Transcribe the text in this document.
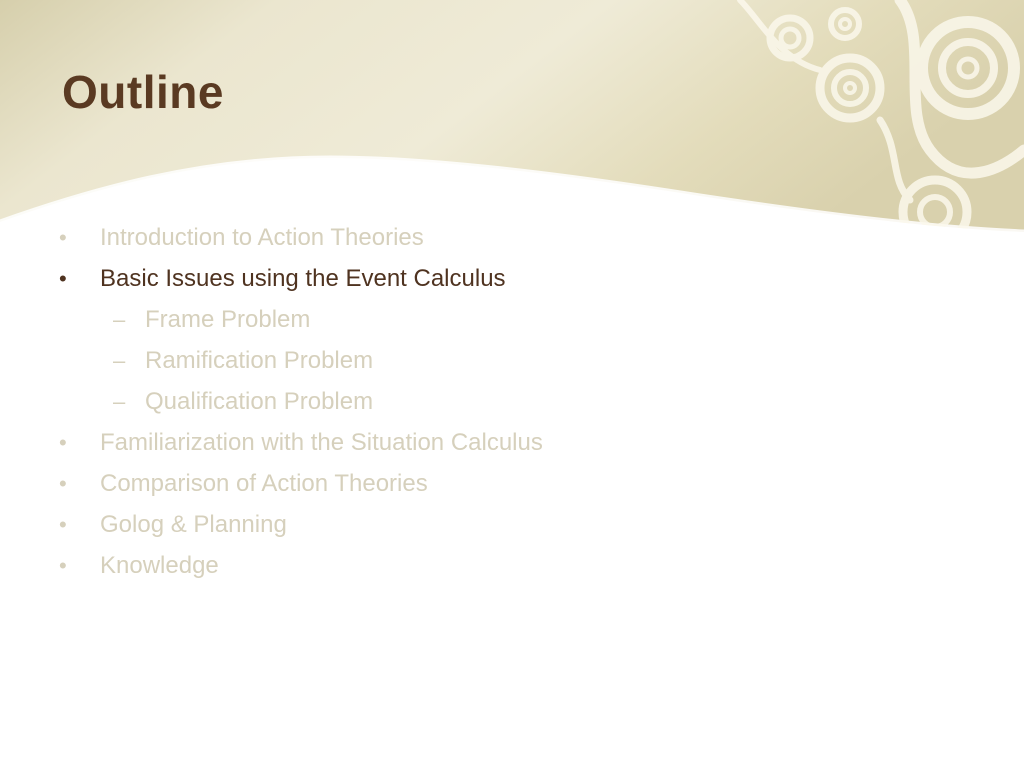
Outline
• Introduction to Action Theories
• Basic Issues using the Event Calculus
– Frame Problem
– Ramification Problem
– Qualification Problem
• Familiarization with the Situation Calculus
• Comparison of Action Theories
• Golog & Planning
• Knowledge
